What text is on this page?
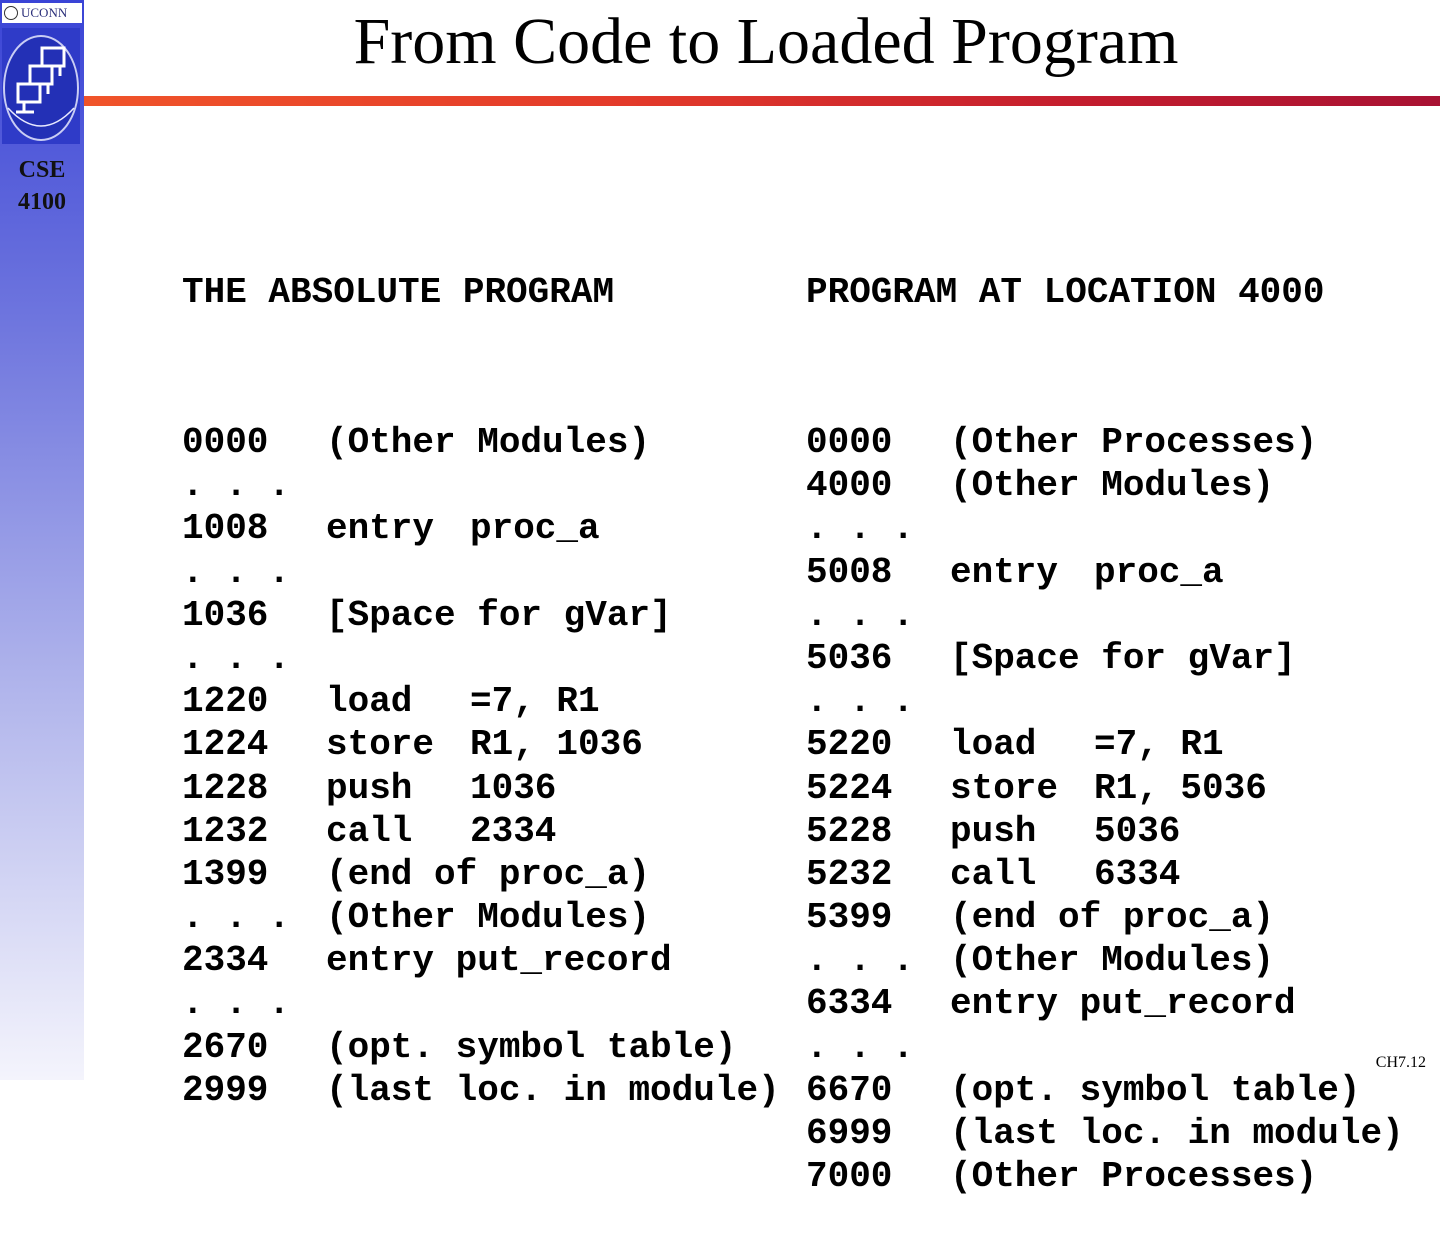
UCONN
CSE
4100
From Code to Loaded Program

THE ABSOLUTE PROGRAM

0000	(Other Modules)
. . .
1008	entry proc_a
. . .
1036	[Space for gVar]
. . .
1220	load	=7, R1
1224	store R1, 1036
1228	push	1036
1232	call	2334
1399	(end of proc_a)
. . . (Other Modules)
2334	entry put_record
. . .
2670	(opt. symbol table)
2999	(last loc. in module)

PROGRAM AT LOCATION 4000

0000	(Other Processes)
4000	(Other Modules)
. . .
5008	entry proc_a
. . .
5036	[Space for gVar]
. . .
5220	load	=7, R1
5224	store R1, 5036
5228	push	5036
5232	call	6334
5399	(end of proc_a)
. . . (Other Modules)
6334	entry put_record
. . .
6670	(opt. symbol table)
6999	(last loc. in module)
7000	(Other Processes)

CH7.12
